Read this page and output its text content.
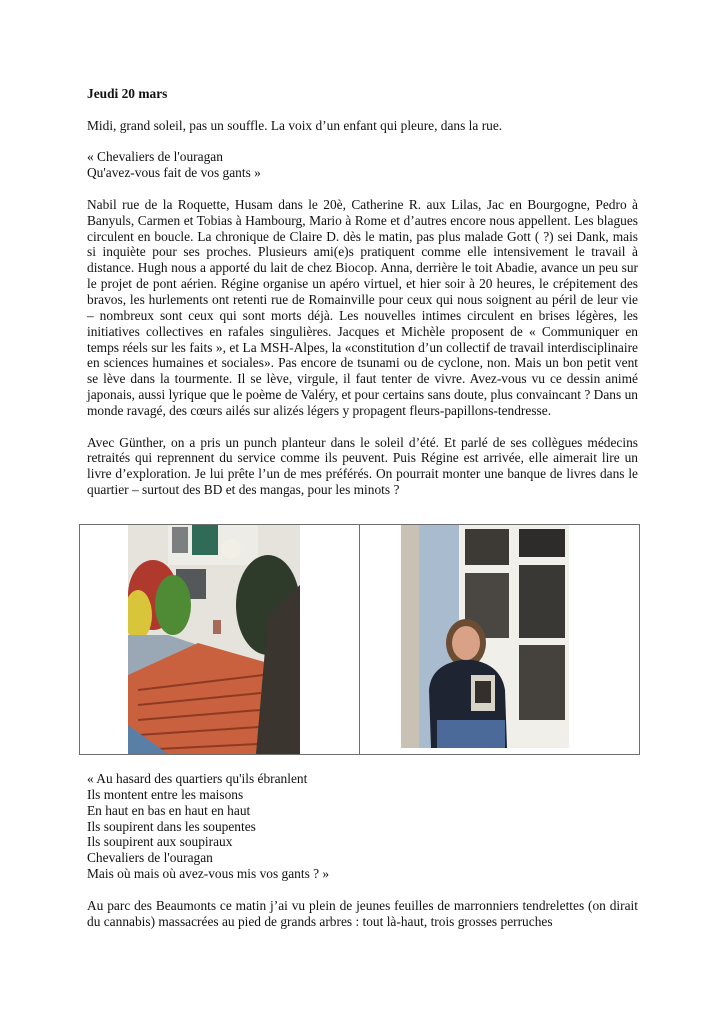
Jeudi 20 mars

Midi, grand soleil, pas un souffle. La voix d’un enfant qui pleure, dans la rue.

« Chevaliers de l'ouragan

Qu'avez-vous fait de vos gants »

Nabil rue de la Roquette, Husam dans le 20è, Catherine R. aux Lilas, Jac en Bourgogne, Pedro à Banyuls, Carmen et Tobias à Hambourg, Mario à Rome et d’autres encore nous appellent. Les blagues circulent en boucle. La chronique de Claire D. dès le matin, pas plus malade Gott ( ?) sei Dank, mais si inquiète pour ses proches. Plusieurs ami(e)s pratiquent comme elle intensivement le travail à distance. Hugh nous a apporté du lait de chez Biocop. Anna, derrière le toit Abadie, avance un peu sur le projet de pont aérien. Régine organise un apéro virtuel, et hier soir à 20 heures, le crépitement des bravos, les hurlements ont retenti rue de Romainville pour ceux qui nous soignent au péril de leur vie – nombreux sont ceux qui sont morts déjà. Les nouvelles intimes circulent en brises légères, les initiatives collectives en rafales singulières. Jacques et Michèle proposent de « Communiquer en temps réels sur les faits », et La MSH-Alpes, la «constitution d’un collectif de travail interdisciplinaire en sciences humaines et sociales». Pas encore de tsunami ou de cyclone, non. Mais un bon petit vent se lève dans la tourmente. Il se lève, virgule, il faut tenter de vivre. Avez-vous vu ce dessin animé japonais, aussi lyrique que le poème de Valéry, et pour certains sans doute, plus convaincant ? Dans un monde ravagé, des cœurs ailés sur alizés légers y propagent fleurs-papillons-tendresse.

Avec Günther, on a pris un punch planteur dans le soleil d’été. Et parlé de ses collègues médecins retraités qui reprennent du service comme ils peuvent. Puis Régine est arrivée, elle aimerait lire un livre d’exploration. Je lui prête l’un de mes préférés. On pourrait monter une banque de livres dans le quartier – surtout des BD et des mangas, pour les minots ?

« Au hasard des quartiers qu'ils ébranlent

Ils montent entre les maisons

En haut en bas en haut en haut

Ils soupirent dans les soupentes

Ils soupirent aux soupiraux

Chevaliers de l'ouragan

Mais où mais où avez-vous mis vos gants ? »

Au parc des Beaumonts ce matin j’ai vu plein de jeunes feuilles de marronniers tendrelettes (on dirait du cannabis) massacrées au pied de grands arbres : tout là-haut, trois grosses perruches
